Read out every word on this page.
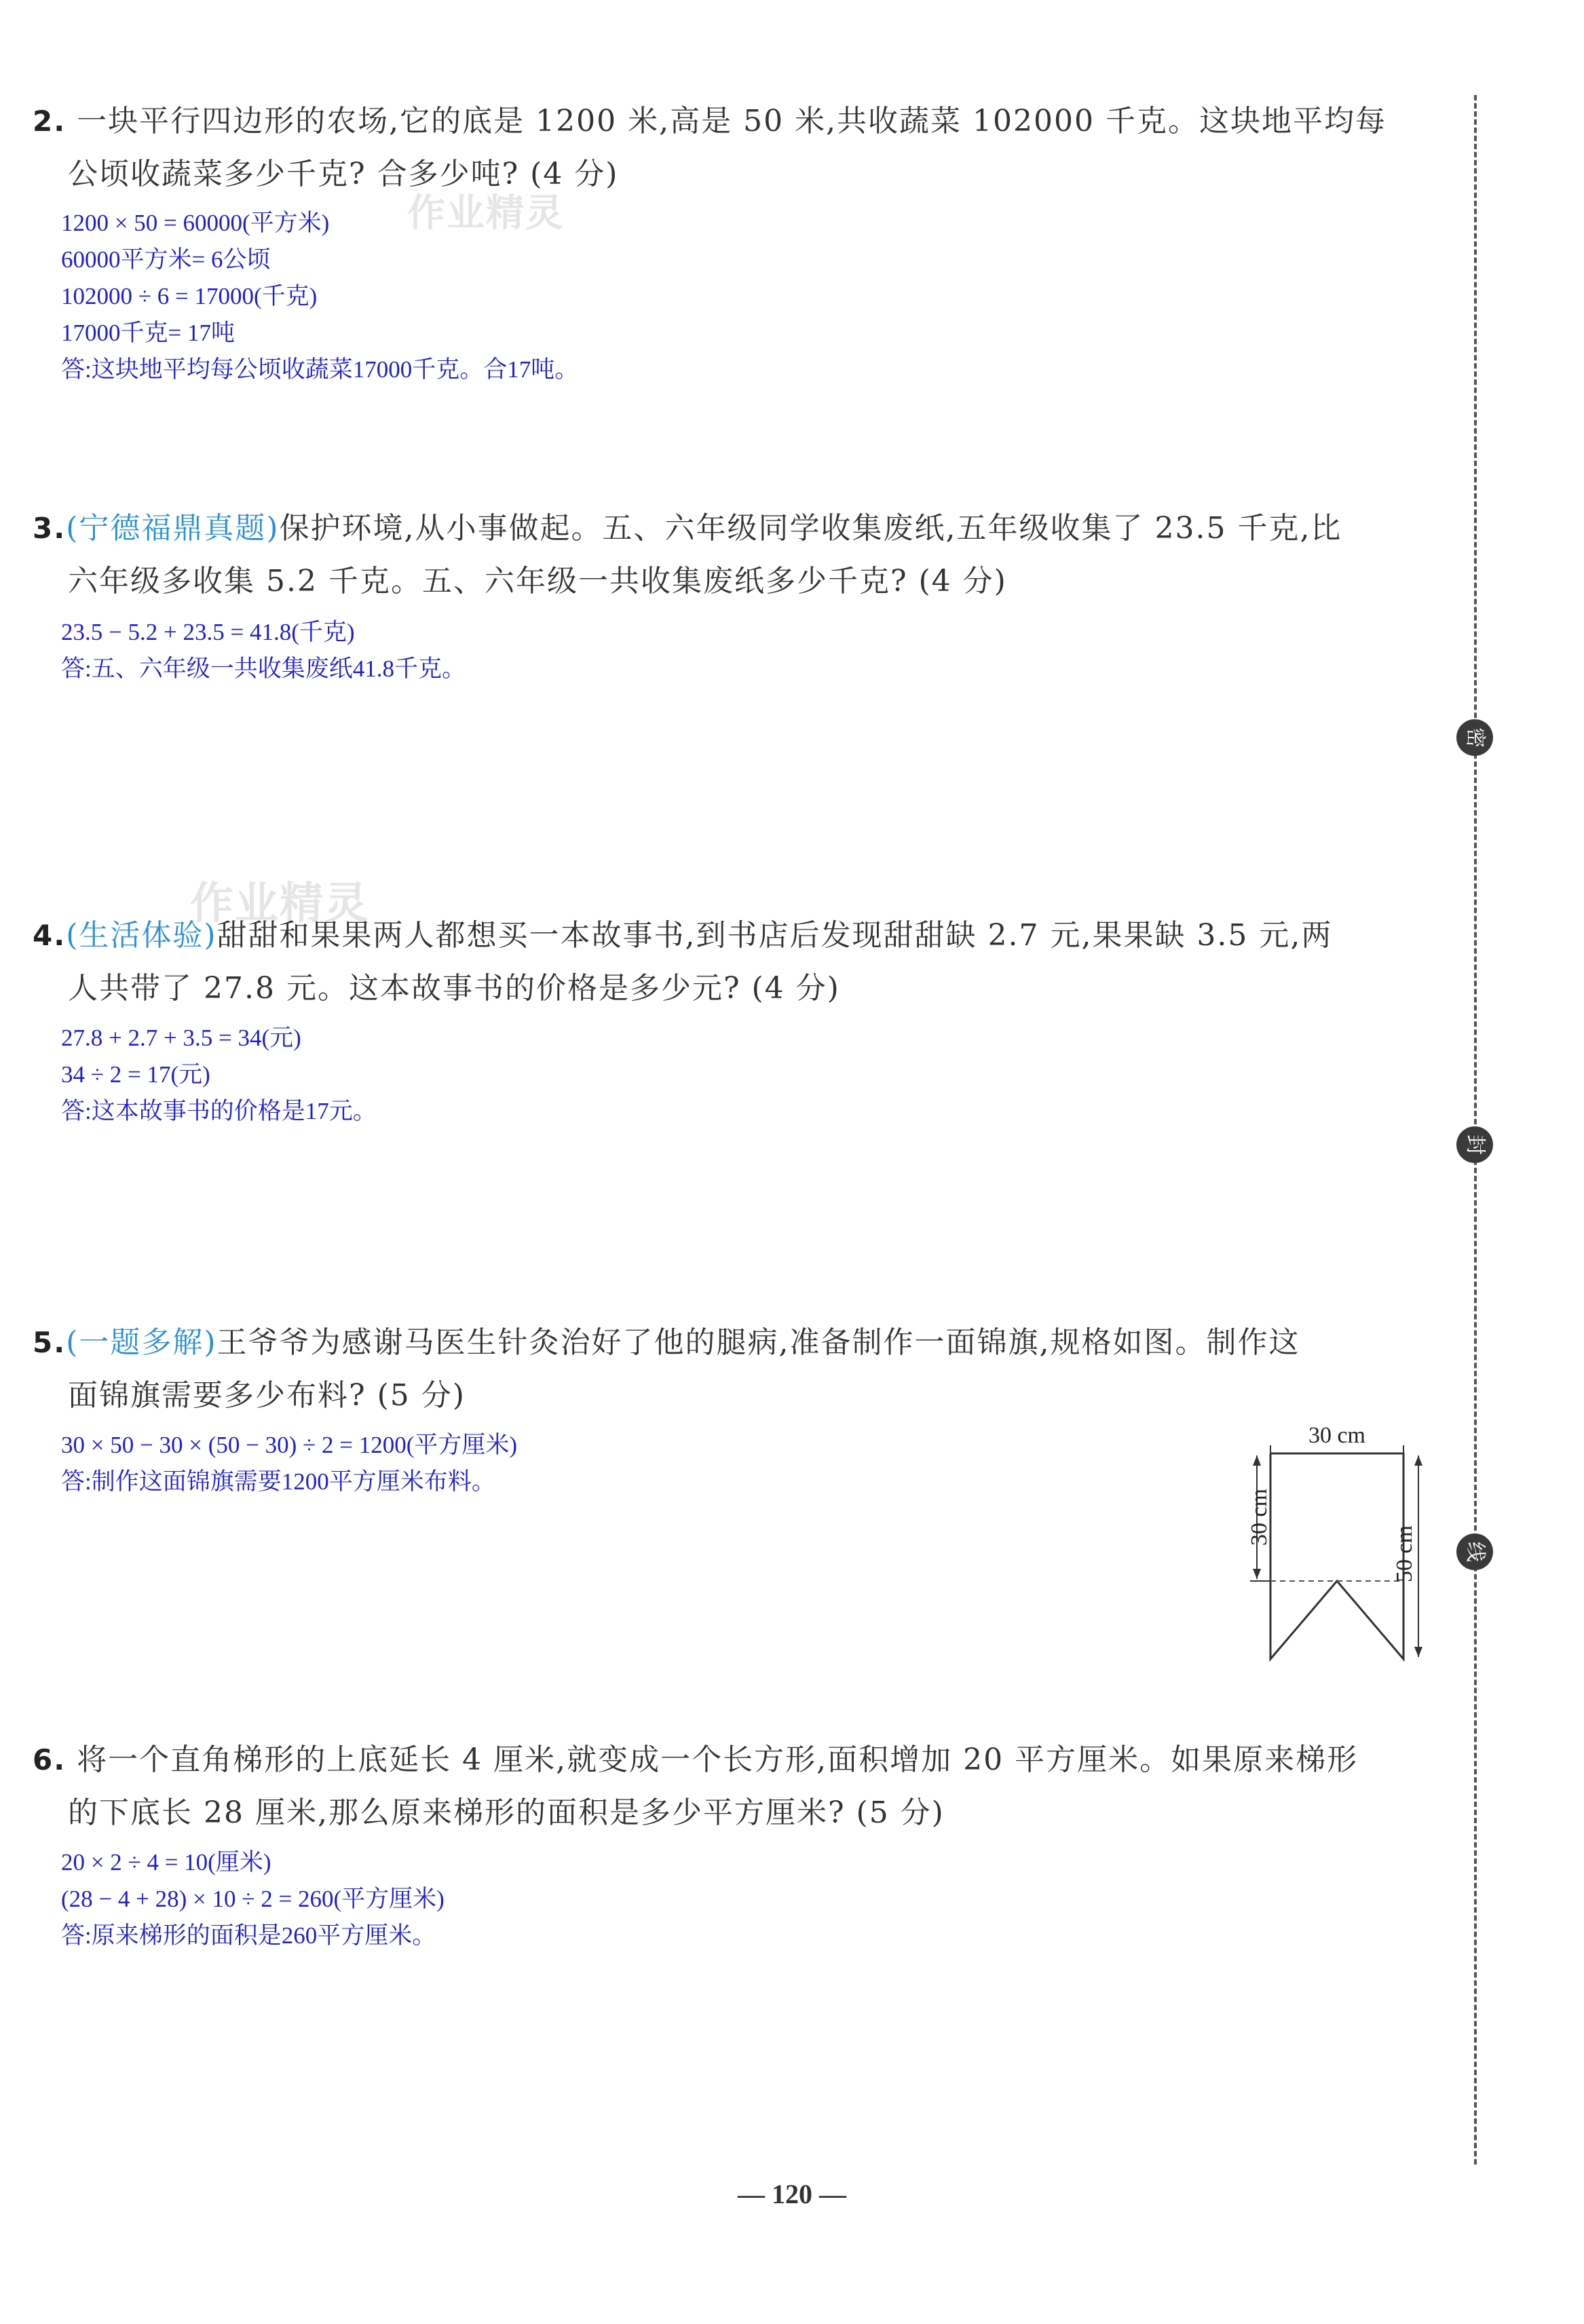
密
封
线
作业精灵
作业精灵
2. 一块平行四边形的农场,它的底是 1200 米,高是 50 米,共收蔬菜 102000 千克。这块地平均每
公顷收蔬菜多少千克? 合多少吨? (4 分)
1200 × 50 = 60000(平方米)
60000平方米= 6公顷
102000 ÷ 6 = 17000(千克)
17000千克= 17吨
答:这块地平均每公顷收蔬菜17000千克。合17吨。
3.(宁德福鼎真题)保护环境,从小事做起。五、六年级同学收集废纸,五年级收集了 23.5 千克,比
六年级多收集 5.2 千克。五、六年级一共收集废纸多少千克? (4 分)
23.5 − 5.2 + 23.5 = 41.8(千克)
答:五、六年级一共收集废纸41.8千克。
4.(生活体验)甜甜和果果两人都想买一本故事书,到书店后发现甜甜缺 2.7 元,果果缺 3.5 元,两
人共带了 27.8 元。这本故事书的价格是多少元? (4 分)
27.8 + 2.7 + 3.5 = 34(元)
34 ÷ 2 = 17(元)
答:这本故事书的价格是17元。
5.(一题多解)王爷爷为感谢马医生针灸治好了他的腿病,准备制作一面锦旗,规格如图。制作这
面锦旗需要多少布料? (5 分)
30 × 50 − 30 × (50 − 30) ÷ 2 = 1200(平方厘米)
答:制作这面锦旗需要1200平方厘米布料。
30 cm
30 cm
50 cm
6. 将一个直角梯形的上底延长 4 厘米,就变成一个长方形,面积增加 20 平方厘米。如果原来梯形
的下底长 28 厘米,那么原来梯形的面积是多少平方厘米? (5 分)
20 × 2 ÷ 4 = 10(厘米)
(28 − 4 + 28) × 10 ÷ 2 = 260(平方厘米)
答:原来梯形的面积是260平方厘米。
— 120 —
